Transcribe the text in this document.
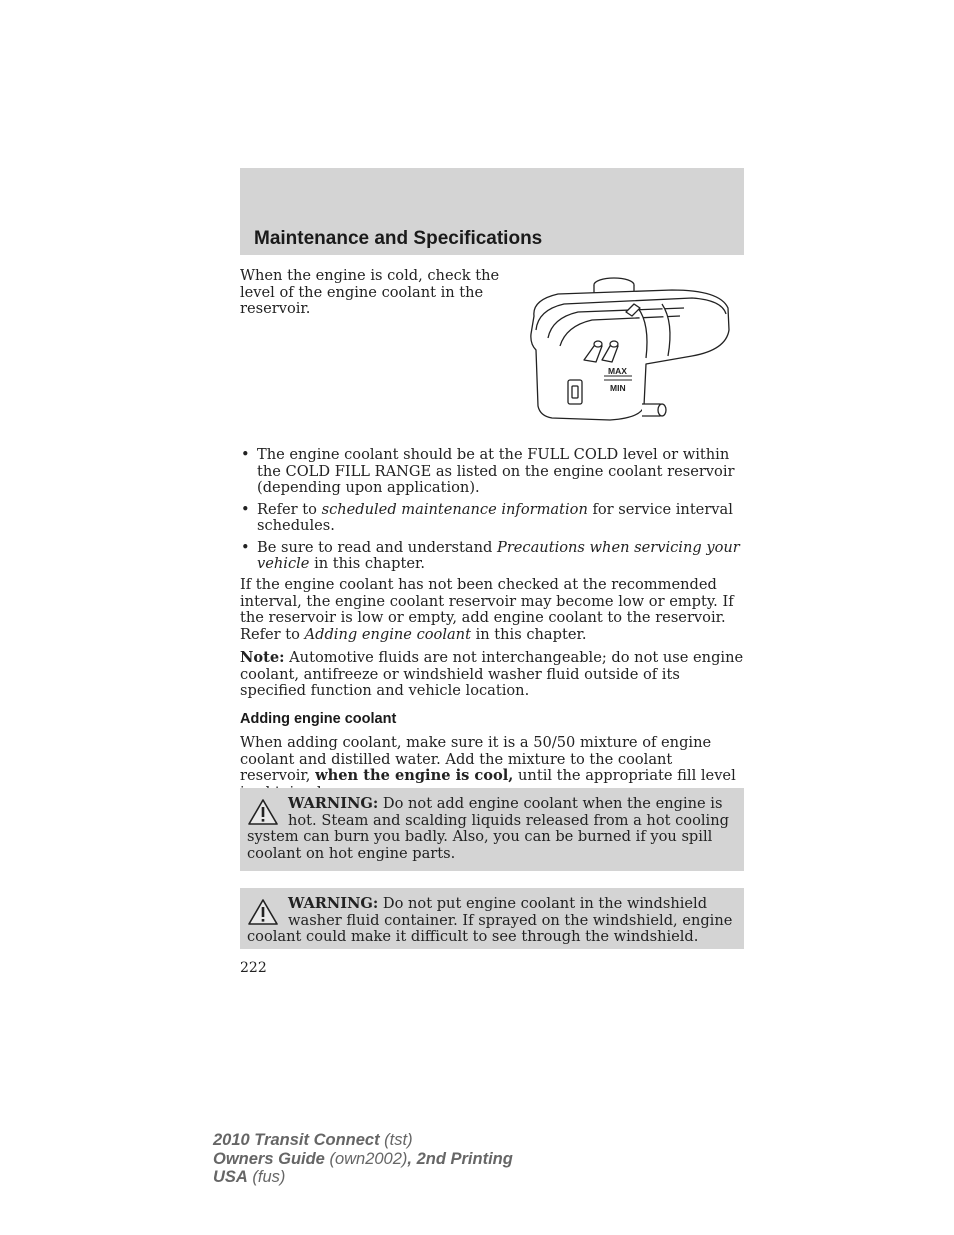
Maintenance and Specifications

When the engine is cold, check the level of the engine coolant in the reservoir.

MAX
MIN
• The engine coolant should be at the FULL COLD level or within the COLD FILL RANGE as listed on the engine coolant reservoir (depending upon application).
• Refer to scheduled maintenance information for service interval schedules.
• Be sure to read and understand Precautions when servicing your vehicle in this chapter.

If the engine coolant has not been checked at the recommended interval, the engine coolant reservoir may become low or empty. If the reservoir is low or empty, add engine coolant to the reservoir. Refer to Adding engine coolant in this chapter.

Note: Automotive fluids are not interchangeable; do not use engine coolant, antifreeze or windshield washer fluid outside of its specified function and vehicle location.

Adding engine coolant

When adding coolant, make sure it is a 50/50 mixture of engine coolant and distilled water. Add the mixture to the coolant reservoir, when the engine is cool, until the appropriate fill level

WARNING: Do not add engine coolant when the engine is hot. Steam and scalding liquids released from a hot cooling system can burn you badly. Also, you can be burned if you spill coolant on hot engine parts.

WARNING: Do not put engine coolant in the windshield washer fluid container. If sprayed on the windshield, engine coolant could make it difficult to see through the windshield.

222

2010 Transit Connect (tst)
Owners Guide (own2002), 2nd Printing
USA (fus)
